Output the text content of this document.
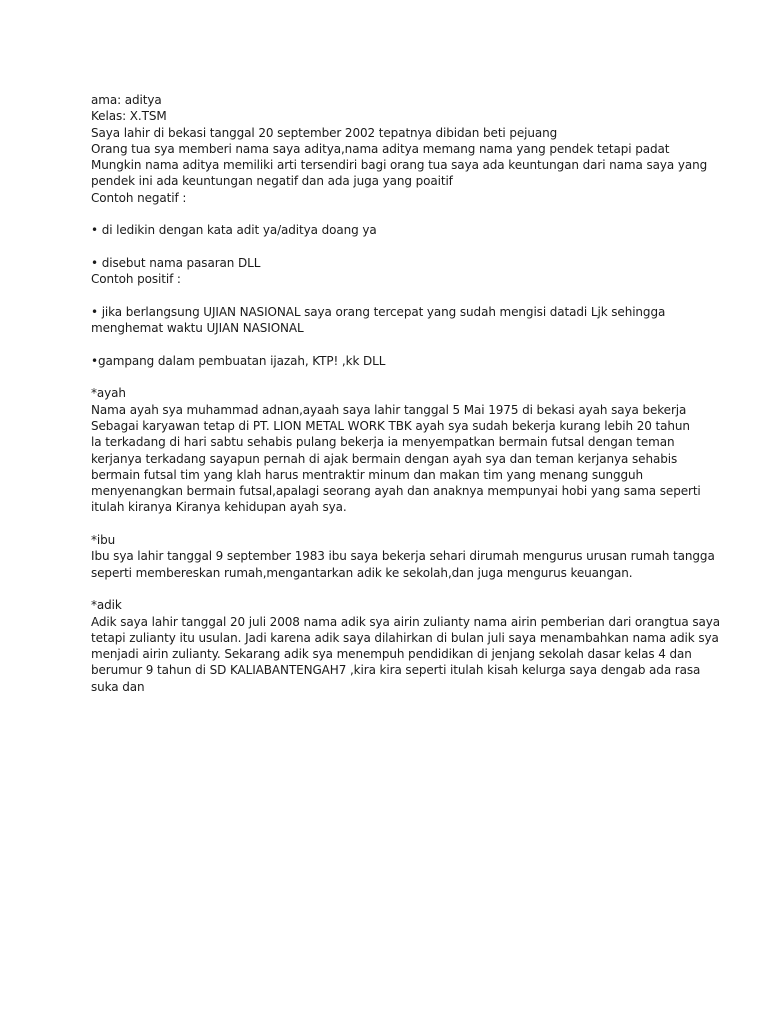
ama: aditya
Kelas: X.TSM
Saya lahir di bekasi tanggal 20 september 2002 tepatnya dibidan beti pejuang
Orang tua sya memberi nama saya aditya,nama aditya memang nama yang pendek tetapi padat
Mungkin nama aditya memiliki arti tersendiri bagi orang tua saya ada keuntungan dari nama saya yang
pendek ini ada keuntungan negatif dan ada juga yang poaitif
Contoh negatif :
• di ledikin dengan kata adit ya/aditya doang ya
• disebut nama pasaran DLL
Contoh positif :
• jika berlangsung UJIAN NASIONAL saya orang tercepat yang sudah mengisi datadi Ljk sehingga
menghemat waktu UJIAN NASIONAL
•gampang dalam pembuatan ijazah, KTP! ,kk DLL
*ayah
Nama ayah sya muhammad adnan,ayaah saya lahir tanggal 5 Mai 1975 di bekasi ayah saya bekerja
Sebagai karyawan tetap di PT. LION METAL WORK TBK ayah sya sudah bekerja kurang lebih 20 tahun
la terkadang di hari sabtu sehabis pulang bekerja ia menyempatkan bermain futsal dengan teman
kerjanya terkadang sayapun pernah di ajak bermain dengan ayah sya dan teman kerjanya sehabis
bermain futsal tim yang klah harus mentraktir minum dan makan tim yang menang sungguh
menyenangkan bermain futsal,apalagi seorang ayah dan anaknya mempunyai hobi yang sama seperti
itulah kiranya Kiranya kehidupan ayah sya.
*ibu
Ibu sya lahir tanggal 9 september 1983 ibu saya bekerja sehari dirumah mengurus urusan rumah tangga
seperti membereskan rumah,mengantarkan adik ke sekolah,dan juga mengurus keuangan.
*adik
Adik saya lahir tanggal 20 juli 2008 nama adik sya airin zulianty nama airin pemberian dari orangtua saya
tetapi zulianty itu usulan. Jadi karena adik saya dilahirkan di bulan juli saya menambahkan nama adik sya
menjadi airin zulianty. Sekarang adik sya menempuh pendidikan di jenjang sekolah dasar kelas 4 dan
berumur 9 tahun di SD KALIABANTENGAH7 ,kira kira seperti itulah kisah kelurga saya dengab ada rasa
suka dan
